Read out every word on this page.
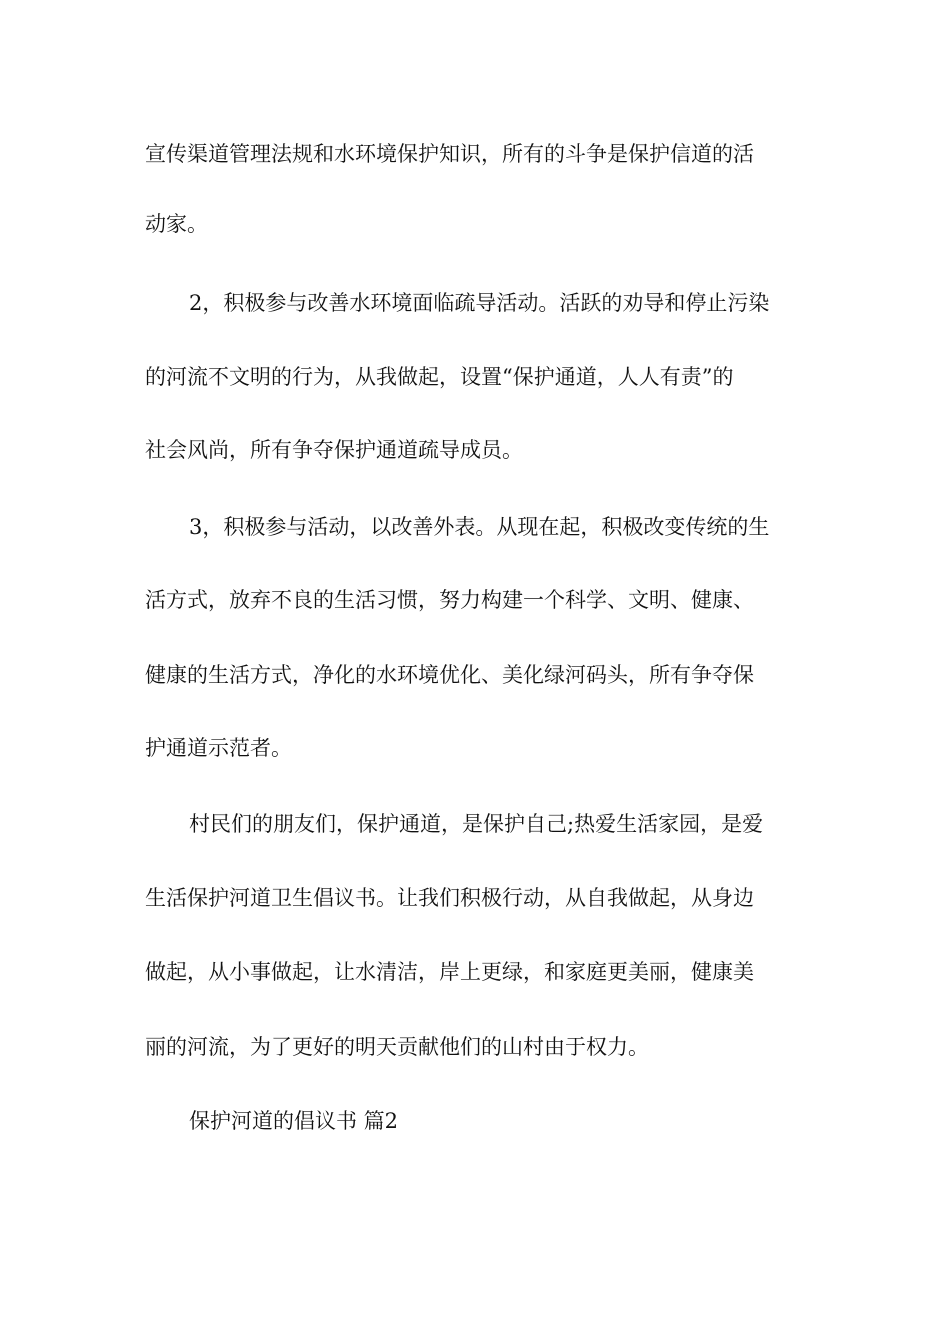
宣传渠道管理法规和水环境保护知识，所有的斗争是保护信道的活
动家。
2，积极参与改善水环境面临疏导活动。活跃的劝导和停止污染
的河流不文明的行为，从我做起，设置“保护通道，人人有责”的
社会风尚，所有争夺保护通道疏导成员。
3，积极参与活动，以改善外表。从现在起，积极改变传统的生
活方式，放弃不良的生活习惯，努力构建一个科学、文明、健康、
健康的生活方式，净化的水环境优化、美化绿河码头，所有争夺保
护通道示范者。
村民们的朋友们，保护通道，是保护自己;热爱生活家园，是爱
生活保护河道卫生倡议书。让我们积极行动，从自我做起，从身边
做起，从小事做起，让水清洁，岸上更绿，和家庭更美丽，健康美
丽的河流，为了更好的明天贡献他们的山村由于权力。
保护河道的倡议书 篇2
